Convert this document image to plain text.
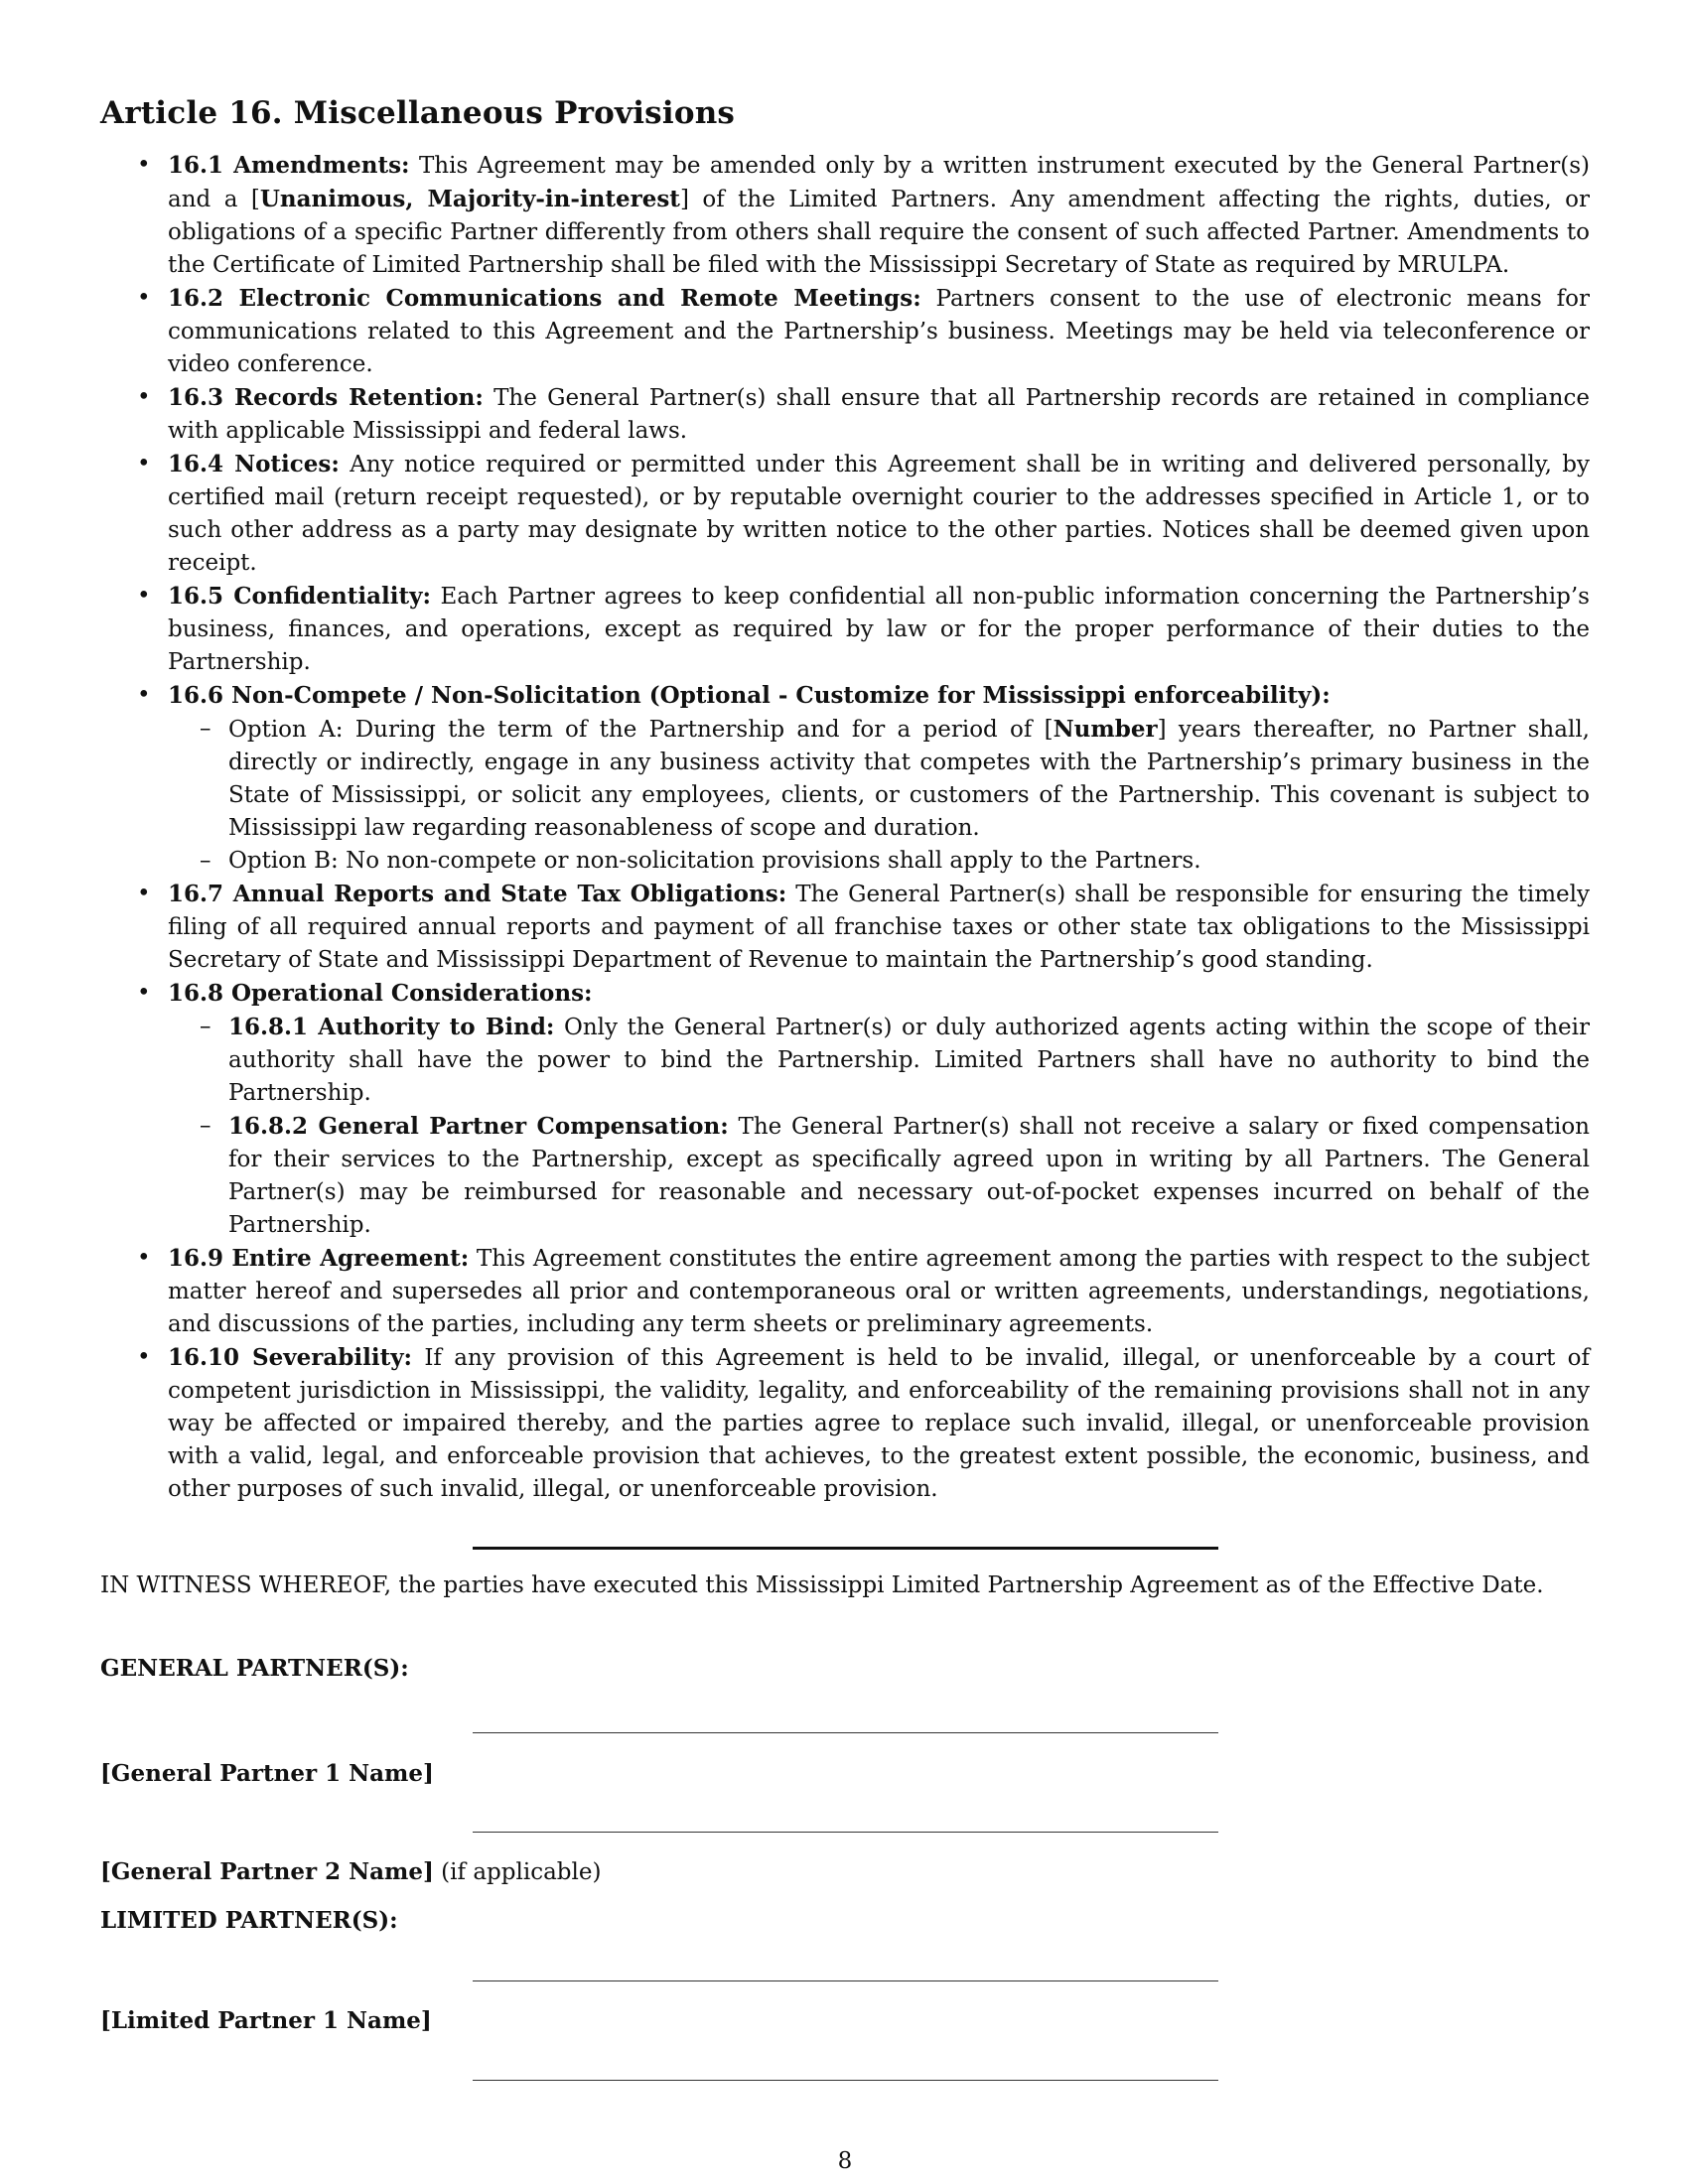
Article 16. Miscellaneous Provisions
• 16.1 Amendments: This Agreement may be amended only by a written instrument executed by the General Partner(s) and a [Unanimous, Majority-in-interest] of the Limited Partners. Any amendment affecting the rights, duties, or obligations of a specific Partner differently from others shall require the consent of such affected Partner. Amendments to the Certificate of Limited Partnership shall be filed with the Mississippi Secretary of State as required by MRULPA.
• 16.2 Electronic Communications and Remote Meetings: Partners consent to the use of electronic means for communications related to this Agreement and the Partnership’s business. Meetings may be held via teleconference or video conference.
• 16.3 Records Retention: The General Partner(s) shall ensure that all Partnership records are retained in compliance with applicable Mississippi and federal laws.
• 16.4 Notices: Any notice required or permitted under this Agreement shall be in writing and delivered personally, by certified mail (return receipt requested), or by reputable overnight courier to the addresses specified in Article 1, or to such other address as a party may designate by written notice to the other parties. Notices shall be deemed given upon receipt.
• 16.5 Confidentiality: Each Partner agrees to keep confidential all non-public information concerning the Partnership’s business, finances, and operations, except as required by law or for the proper performance of their duties to the Partnership.
• 16.6 Non-Compete / Non-Solicitation (Optional - Customize for Mississippi enforceability):
– Option A: During the term of the Partnership and for a period of [Number] years thereafter, no Partner shall, directly or indirectly, engage in any business activity that competes with the Partnership’s primary business in the State of Mississippi, or solicit any employees, clients, or customers of the Partnership. This covenant is subject to Mississippi law regarding reasonableness of scope and duration.
– Option B: No non-compete or non-solicitation provisions shall apply to the Partners.
• 16.7 Annual Reports and State Tax Obligations: The General Partner(s) shall be responsible for ensuring the timely filing of all required annual reports and payment of all franchise taxes or other state tax obligations to the Mississippi Secretary of State and Mississippi Department of Revenue to maintain the Partnership’s good standing.
• 16.8 Operational Considerations:
– 16.8.1 Authority to Bind: Only the General Partner(s) or duly authorized agents acting within the scope of their authority shall have the power to bind the Partnership. Limited Partners shall have no authority to bind the Partnership.
– 16.8.2 General Partner Compensation: The General Partner(s) shall not receive a salary or fixed compensation for their services to the Partnership, except as specifically agreed upon in writing by all Partners. The General Partner(s) may be reimbursed for reasonable and necessary out-of-pocket expenses incurred on behalf of the Partnership.
• 16.9 Entire Agreement: This Agreement constitutes the entire agreement among the parties with respect to the subject matter hereof and supersedes all prior and contemporaneous oral or written agreements, understandings, negotiations, and discussions of the parties, including any term sheets or preliminary agreements.
• 16.10 Severability: If any provision of this Agreement is held to be invalid, illegal, or unenforceable by a court of competent jurisdiction in Mississippi, the validity, legality, and enforceability of the remaining provisions shall not in any way be affected or impaired thereby, and the parties agree to replace such invalid, illegal, or unenforceable provision with a valid, legal, and enforceable provision that achieves, to the greatest extent possible, the economic, business, and other purposes of such invalid, illegal, or unenforceable provision.

IN WITNESS WHEREOF, the parties have executed this Mississippi Limited Partnership Agreement as of the Effective Date.

GENERAL PARTNER(S):

[General Partner 1 Name]

[General Partner 2 Name] (if applicable)

LIMITED PARTNER(S):

[Limited Partner 1 Name]

8
